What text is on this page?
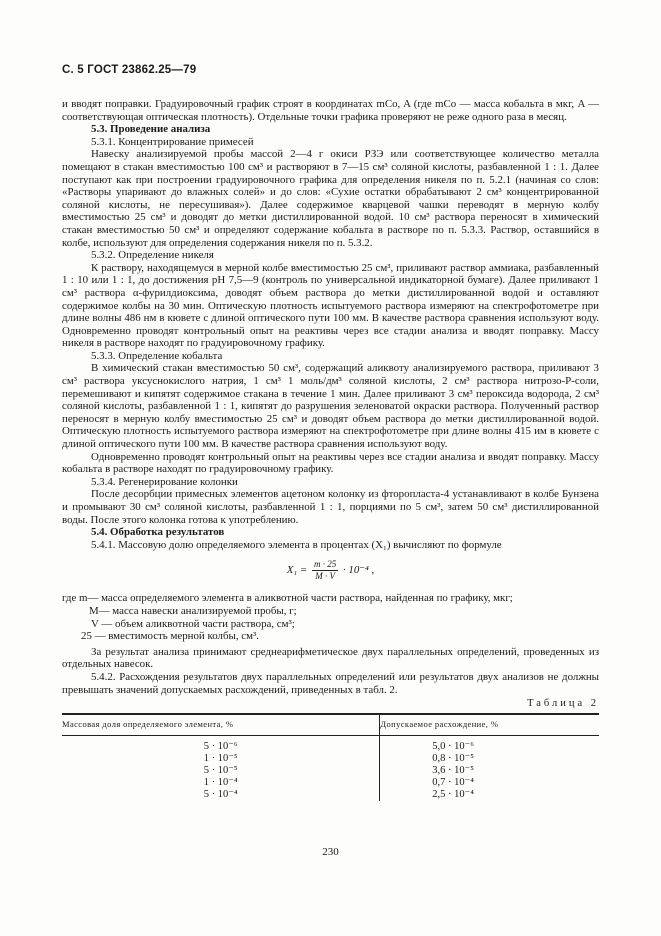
С. 5 ГОСТ 23862.25—79

и вводят поправки. Градуировочный график строят в координатах mCo, A (где mCo — масса кобальта в мкг, A — соответствующая оптическая плотность). Отдельные точки графика проверяют не реже одного раза в месяц.

5.3. Проведение анализа

5.3.1. Концентрирование примесей

Навеску анализируемой пробы массой 2—4 г окиси РЗЭ или соответствующее количество металла помещают в стакан вместимостью 100 см³ и растворяют в 7—15 см³ соляной кислоты, разбавленной 1 : 1. Далее поступают как при построении градуировочного графика для определения никеля по п. 5.2.1 (начиная со слов: «Растворы упаривают до влажных солей» и до слов: «Сухие остатки обрабатывают 2 см³ концентрированной соляной кислоты, не пересушивая»). Далее содержимое кварцевой чашки переводят в мерную колбу вместимостью 25 см³ и доводят до метки дистиллированной водой. 10 см³ раствора переносят в химический стакан вместимостью 50 см³ и определяют содержание кобальта в растворе по п. 5.3.3. Раствор, оставшийся в колбе, используют для определения содержания никеля по п. 5.3.2.

5.3.2. Определение никеля

К раствору, находящемуся в мерной колбе вместимостью 25 см³, приливают раствор аммиака, разбавленный 1 : 10 или 1 : 1, до достижения рН 7,5—9 (контроль по универсальной индикаторной бумаге). Далее приливают 1 см³ раствора α-фурилдиоксима, доводят объем раствора до метки дистиллированной водой и оставляют содержимое колбы на 30 мин. Оптическую плотность испытуемого раствора измеряют на спектрофотометре при длине волны 486 нм в кювете с длиной оптического пути 100 мм. В качестве раствора сравнения используют воду. Одновременно проводят контрольный опыт на реактивы через все стадии анализа и вводят поправку. Массу никеля в растворе находят по градуировочному графику.

5.3.3. Определение кобальта

В химический стакан вместимостью 50 см³, содержащий аликвоту анализируемого раствора, приливают 3 см³ раствора уксуснокислого натрия, 1 см³ 1 моль/дм³ соляной кислоты, 2 см³ раствора нитрозо-Р-соли, перемешивают и кипятят содержимое стакана в течение 1 мин. Далее приливают 3 см³ пероксида водорода, 2 см³ соляной кислоты, разбавленной 1 : 1, кипятят до разрушения зеленоватой окраски раствора. Полученный раствор переносят в мерную колбу вместимостью 25 см³ и доводят объем раствора до метки дистиллированной водой. Оптическую плотность испытуемого раствора измеряют на спектрофотометре при длине волны 415 им в кювете с длиной оптического пути 100 мм. В качестве раствора сравнения используют воду.

Одновременно проводят контрольный опыт на реактивы через все стадии анализа и вводят поправку. Массу кобальта в растворе находят по градуировочному графику.

5.3.4. Регенерирование колонки

После десорбции примесных элементов ацетоном колонку из фторопласта-4 устанавливают в колбе Бунзена и промывают 30 см³ соляной кислоты, разбавленной 1 : 1, порциями по 5 см³, затем 50 см³ дистиллированной воды. После этого колонка готова к употреблению.

5.4. Обработка результатов

5.4.1. Массовую долю определяемого элемента в процентах (X₁) вычисляют по формуле

$X_1 = \frac{m \cdot 25}{M \cdot V} \cdot 10^{-4}$ ,

где m— масса определяемого элемента в аликвотной части раствора, найденная по графику, мкг;

M— масса навески анализируемой пробы, г;

V — объем аликвотной части раствора, см³;

25 — вместимость мерной колбы, см³.

За результат анализа принимают среднеарифметическое двух параллельных определений, проведенных из отдельных навесок.

5.4.2. Расхождения результатов двух параллельных определений или результатов двух анализов не должны превышать значений допускаемых расхождений, приведенных в табл. 2.

Таблица 2
Массовая доля определяемого элемента, %	Допускаемое расхождение, %
5 · 10⁻⁶	5,0 · 10⁻⁶
1 · 10⁻⁵	0,8 · 10⁻⁵
5 · 10⁻⁵	3,6 · 10⁻⁵
1 · 10⁻⁴	0,7 · 10⁻⁴
5 · 10⁻⁴	2,5 · 10⁻⁴
230
